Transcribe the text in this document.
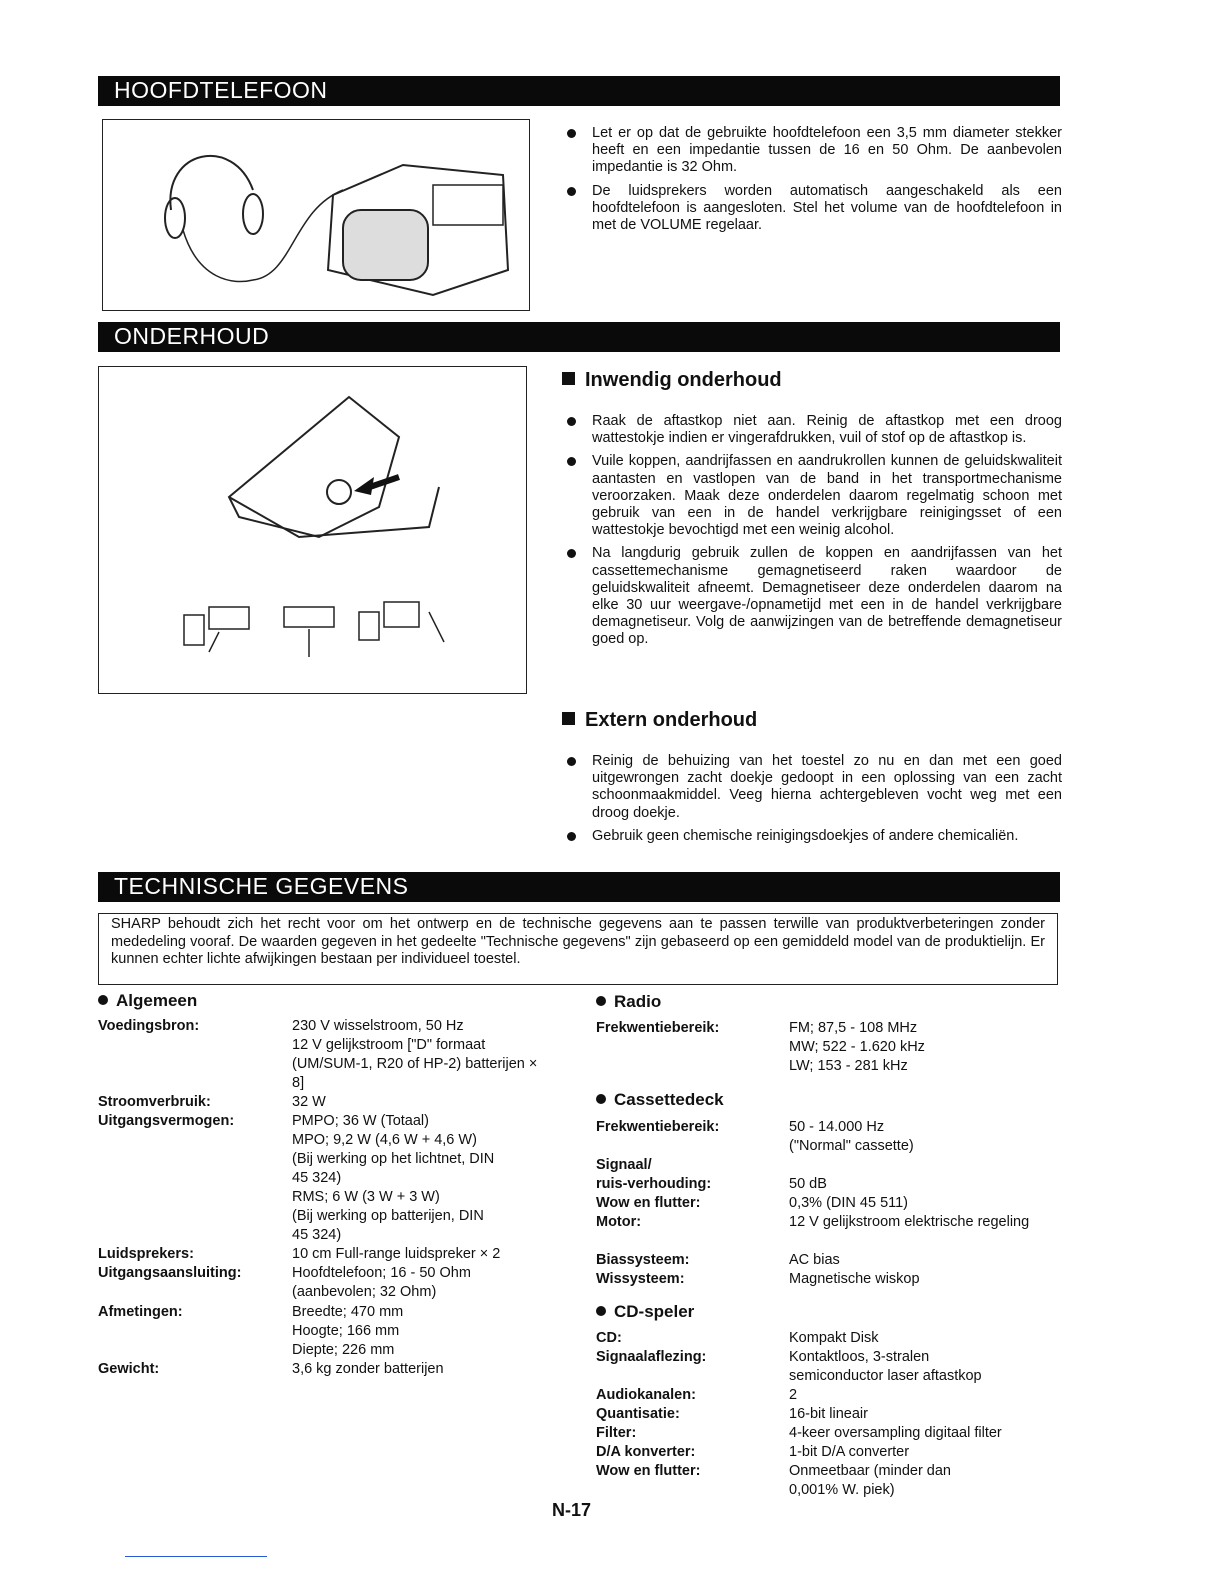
HOOFDTELEFOON
Let er op dat de gebruikte hoofdtelefoon een 3,5 mm diameter stekker heeft en een impedantie tussen de 16 en 50 Ohm. De aanbevolen impedantie is 32 Ohm.
De luidsprekers worden automatisch aangeschakeld als een hoofdtelefoon is aangesloten. Stel het volume van de hoofdtelefoon in met de VOLUME regelaar.
ONDERHOUD
Inwendig onderhoud
Raak de aftastkop niet aan. Reinig de aftastkop met een droog wattestokje indien er vingerafdrukken, vuil of stof op de aftastkop is.
Vuile koppen, aandrijfassen en aandrukrollen kunnen de geluidskwaliteit aantasten en vastlopen van de band in het transportmechanisme veroorzaken. Maak deze onderdelen daarom regelmatig schoon met gebruik van een in de handel verkrijgbare reinigingsset of een wattestokje bevochtigd met een weinig alcohol.
Na langdurig gebruik zullen de koppen en aandrijfassen van het cassettemechanisme gemagnetiseerd raken waardoor de geluidskwaliteit afneemt. Demagnetiseer deze onderdelen daarom na elke 30 uur weergave-/opnametijd met een in de handel verkrijgbare demagnetiseur. Volg de aanwijzingen van de betreffende demagnetiseur goed op.
Extern onderhoud
Reinig de behuizing van het toestel zo nu en dan met een goed uitgewrongen zacht doekje gedoopt in een oplossing van een zacht schoonmaakmiddel. Veeg hierna achtergebleven vocht weg met een droog doekje.
Gebruik geen chemische reinigingsdoekjes of andere chemicaliën.
TECHNISCHE GEGEVENS
SHARP behoudt zich het recht voor om het ontwerp en de technische gegevens aan te passen terwille van produktverbeteringen zonder mededeling vooraf. De waarden gegeven in het gedeelte "Technische gegevens" zijn gebaseerd op een gemiddeld model van de produktielijn. Er kunnen echter lichte afwijkingen bestaan per individueel toestel.
Algemeen
Voedingsbron:	230 V wisselstroom, 50 Hz
12 V gelijkstroom ["D" formaat
(UM/SUM-1, R20 of HP-2) batterijen × 8]
Stroomverbruik:	32 W
Uitgangsvermogen:	PMPO; 36 W (Totaal)
MPO; 9,2 W (4,6 W + 4,6 W)
(Bij werking op het lichtnet, DIN
45 324)
RMS; 6 W (3 W + 3 W)
(Bij werking op batterijen, DIN
45 324)
Luidsprekers:	10 cm Full-range luidspreker × 2
Uitgangsaansluiting:	Hoofdtelefoon; 16 - 50 Ohm
(aanbevolen; 32 Ohm)
Afmetingen:	Breedte; 470 mm
Hoogte; 166 mm
Diepte; 226 mm
Gewicht:	3,6 kg zonder batterijen
Radio
Frekwentiebereik:	FM; 87,5 - 108 MHz
MW; 522 - 1.620 kHz
LW; 153 - 281 kHz
Cassettedeck
Frekwentiebereik:	50 - 14.000 Hz
("Normal" cassette)
Signaal/
ruis-verhouding:	50 dB
Wow en flutter:	0,3% (DIN 45 511)
Motor:	12 V gelijkstroom elektrische regeling
Biassysteem:	AC bias
Wissysteem:	Magnetische wiskop
CD-speler
CD:	Kompakt Disk
Signaalaflezing:	Kontaktloos, 3-stralen semiconductor laser aftastkop
Audiokanalen:	2
Quantisatie:	16-bit lineair
Filter:	4-keer oversampling digitaal filter
D/A konverter:	1-bit D/A converter
Wow en flutter:	Onmeetbaar (minder dan 0,001% W. piek)
N-17
